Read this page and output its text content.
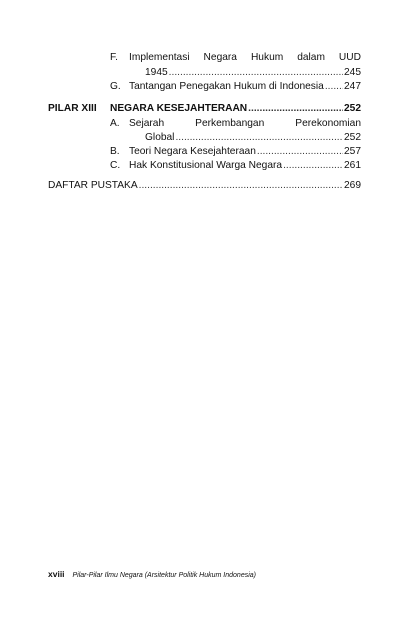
F. Implementasi Negara Hukum dalam UUD
1945 .....	245
G. Tantangan Penegakan Hukum di Indonesia ..... 247
PILAR XIII NEGARA KESEJAHTERAAN .....	252
A. Sejarah Perkembangan Perekonomian
Global .....	252
B. Teori Negara Kesejahteraan .....	257
C. Hak Konstitusional Warga Negara .....	261
DAFTAR PUSTAKA .....	269
xviii Pilar-Pilar Ilmu Negara (Arsitektur Politik Hukum Indonesia)
